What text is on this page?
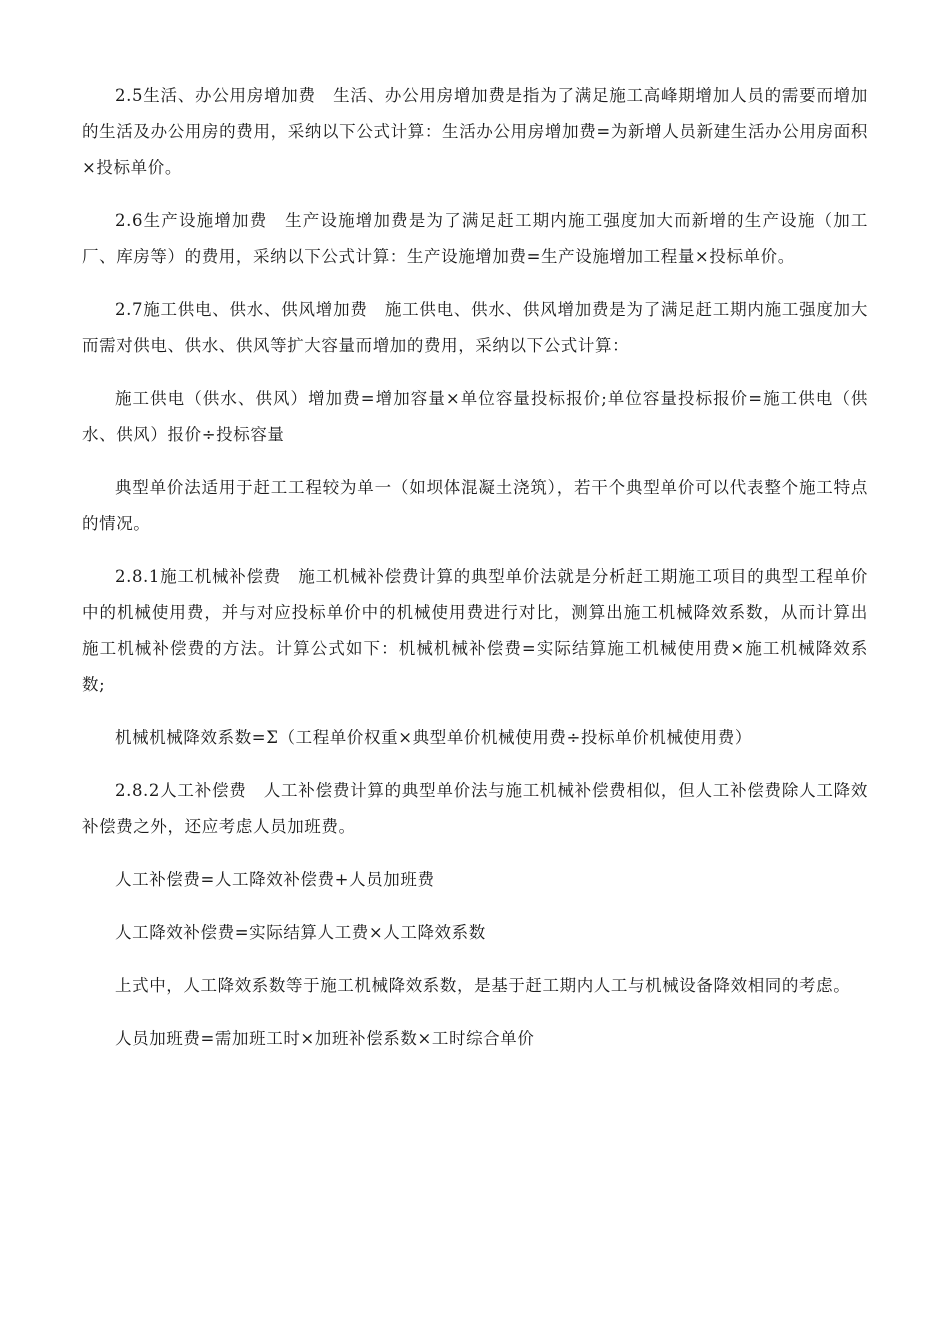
2.5生活、办公用房增加费　生活、办公用房增加费是指为了满足施工高峰期增加人员的需要而增加的生活及办公用房的费用，采纳以下公式计算：生活办公用房增加费=为新增人员新建生活办公用房面积×投标单价。

2.6生产设施增加费　生产设施增加费是为了满足赶工期内施工强度加大而新增的生产设施（加工厂、库房等）的费用，采纳以下公式计算：生产设施增加费=生产设施增加工程量×投标单价。

2.7施工供电、供水、供风增加费　施工供电、供水、供风增加费是为了满足赶工期内施工强度加大而需对供电、供水、供风等扩大容量而增加的费用，采纳以下公式计算：

施工供电（供水、供风）增加费=增加容量×单位容量投标报价;单位容量投标报价=施工供电（供水、供风）报价÷投标容量

典型单价法适用于赶工工程较为单一（如坝体混凝土浇筑），若干个典型单价可以代表整个施工特点的情况。

2.8.1施工机械补偿费　施工机械补偿费计算的典型单价法就是分析赶工期施工项目的典型工程单价中的机械使用费，并与对应投标单价中的机械使用费进行对比，测算出施工机械降效系数，从而计算出施工机械补偿费的方法。计算公式如下：机械机械补偿费=实际结算施工机械使用费×施工机械降效系数;

机械机械降效系数=Σ（工程单价权重×典型单价机械使用费÷投标单价机械使用费）

2.8.2人工补偿费　人工补偿费计算的典型单价法与施工机械补偿费相似，但人工补偿费除人工降效补偿费之外，还应考虑人员加班费。

人工补偿费=人工降效补偿费+人员加班费

人工降效补偿费=实际结算人工费×人工降效系数

上式中，人工降效系数等于施工机械降效系数，是基于赶工期内人工与机械设备降效相同的考虑。

人员加班费=需加班工时×加班补偿系数×工时综合单价
